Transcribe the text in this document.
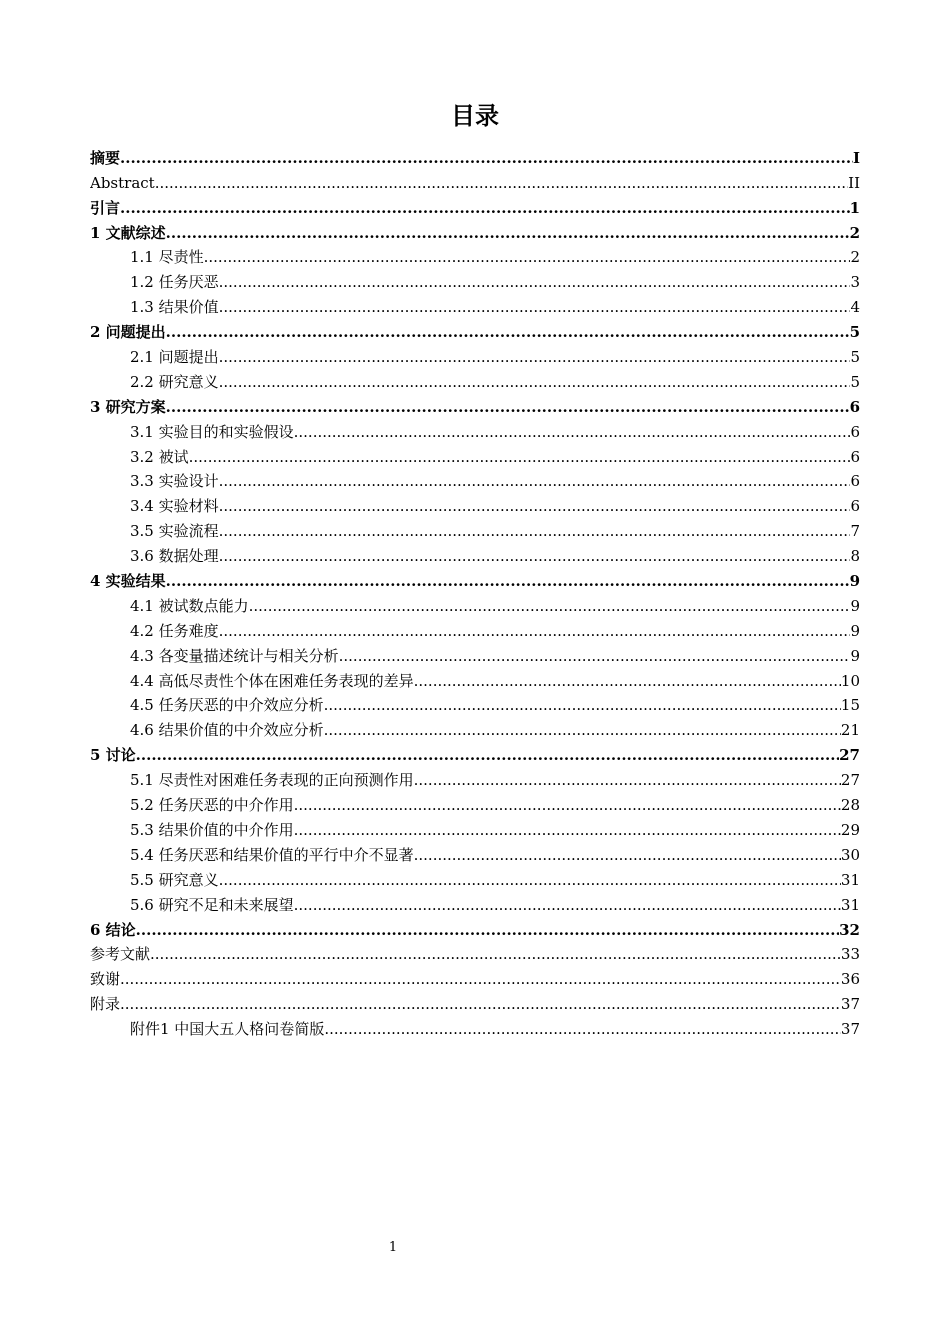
目录
摘要 .....	I
Abstract .....	II
引言 .....	1
1 文献综述 .....	2
1.1 尽责性 .....	2
1.2 任务厌恶 .....	3
1.3 结果价值 .....	4
2 问题提出 .....	5
2.1 问题提出 .....	5
2.2 研究意义 .....	5
3 研究方案 .....	6
3.1 实验目的和实验假设 .....	6
3.2 被试 .....	6
3.3 实验设计 .....	6
3.4 实验材料 .....	6
3.5 实验流程 .....	7
3.6 数据处理 .....	8
4 实验结果 .....	9
4.1 被试数点能力 .....	9
4.2 任务难度 .....	9
4.3 各变量描述统计与相关分析 .....	9
4.4 高低尽责性个体在困难任务表现的差异 .....	10
4.5 任务厌恶的中介效应分析 .....	15
4.6 结果价值的中介效应分析 .....	21
5 讨论 .....	27
5.1 尽责性对困难任务表现的正向预测作用 .....	27
5.2 任务厌恶的中介作用 .....	28
5.3 结果价值的中介作用 .....	29
5.4 任务厌恶和结果价值的平行中介不显著 .....	30
5.5 研究意义 .....	31
5.6 研究不足和未来展望 .....	31
6 结论 .....	32
参考文献 .....	33
致谢 .....	36
附录 .....	37
附件1 中国大五人格问卷简版 .....	37
1
